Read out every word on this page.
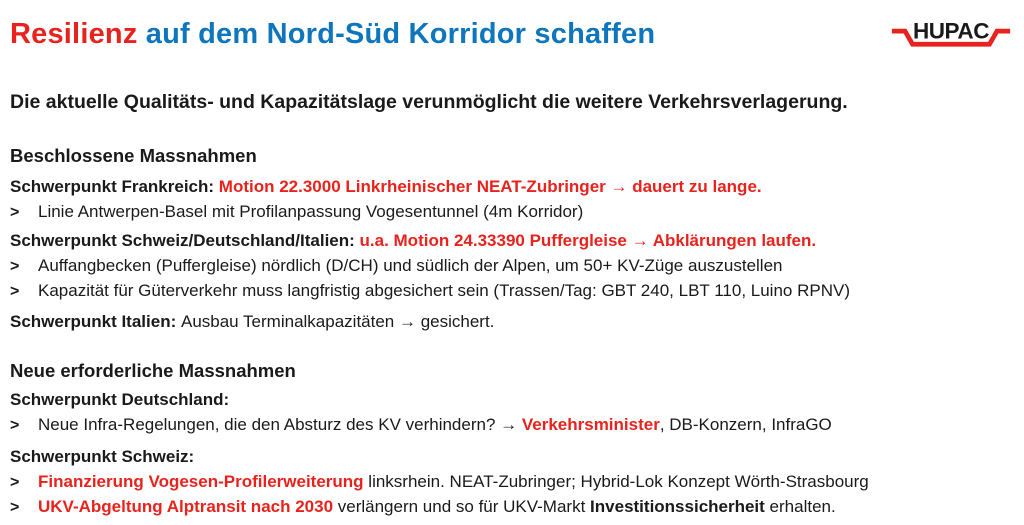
Resilienz auf dem Nord-Süd Korridor schaffen	HUPAC
Die aktuelle Qualitäts- und Kapazitätslage verunmöglicht die weitere Verkehrsverlagerung.
Beschlossene Massnahmen
Schwerpunkt Frankreich: Motion 22.3000 Linkrheinischer NEAT-Zubringer → dauert zu lange.
>	Linie Antwerpen-Basel mit Profilanpassung Vogesentunnel (4m Korridor)
Schwerpunkt Schweiz/Deutschland/Italien: u.a. Motion 24.33390 Puffergleise → Abklärungen laufen.
>	Auffangbecken (Puffergleise) nördlich (D/CH) und südlich der Alpen, um 50+ KV-Züge auszustellen
>	Kapazität für Güterverkehr muss langfristig abgesichert sein (Trassen/Tag: GBT 240, LBT 110, Luino RPNV)
Schwerpunkt Italien: Ausbau Terminalkapazitäten → gesichert.
Neue erforderliche Massnahmen
Schwerpunkt Deutschland:
>	Neue Infra-Regelungen, die den Absturz des KV verhindern? → Verkehrsminister, DB-Konzern, InfraGO
Schwerpunkt Schweiz:
>	Finanzierung Vogesen-Profilerweiterung linksrhein. NEAT-Zubringer; Hybrid-Lok Konzept Wörth-Strasbourg
>	UKV-Abgeltung Alptransit nach 2030 verlängern und so für UKV-Markt Investitionssicherheit erhalten.
